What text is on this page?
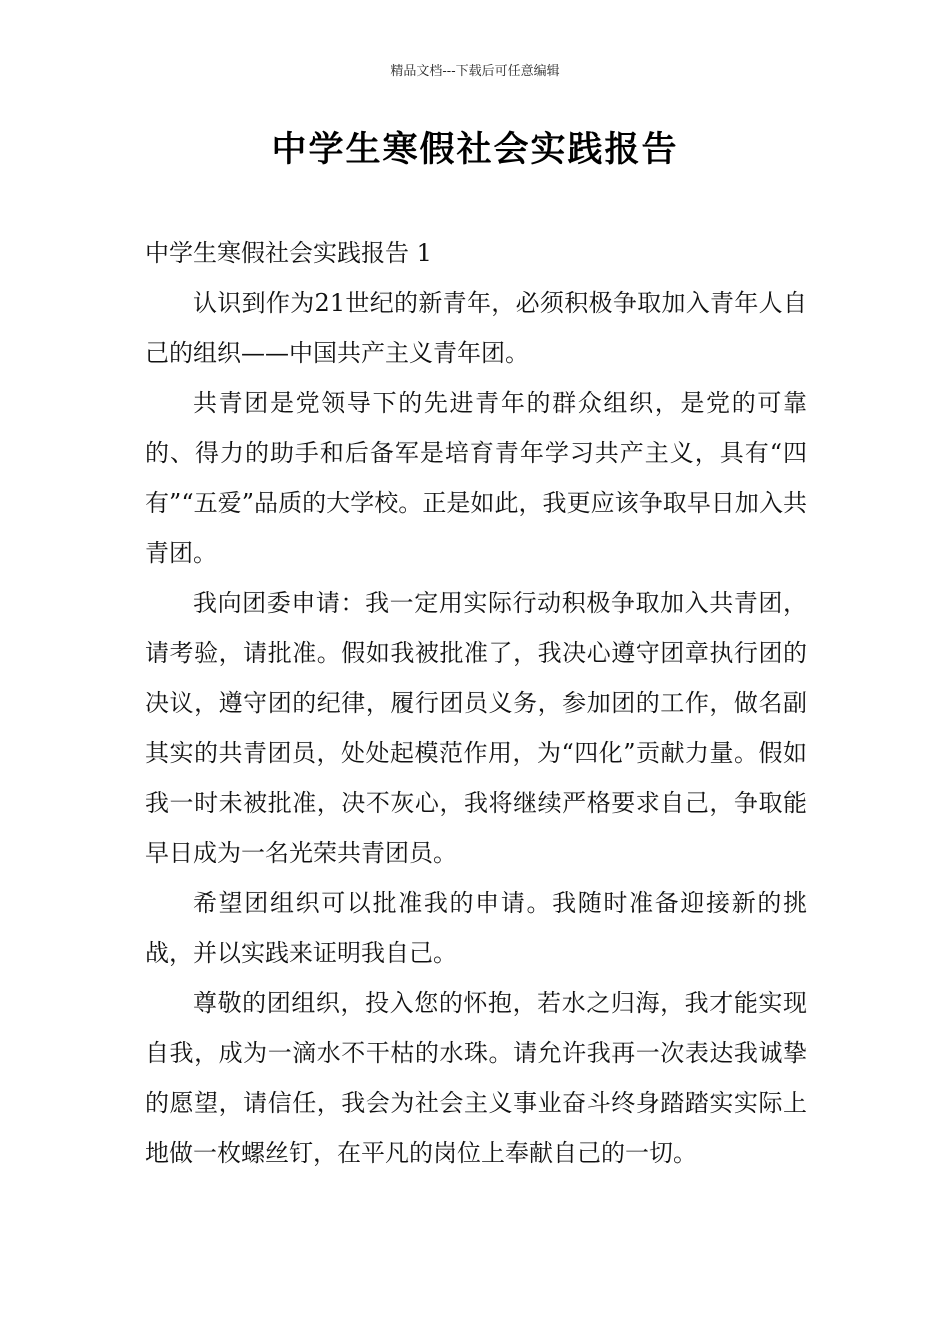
精品文档---下载后可任意编辑
中学生寒假社会实践报告

中学生寒假社会实践报告 1

认识到作为21世纪的新青年，必须积极争取加入青年人自己的组织——中国共产主义青年团。

共青团是党领导下的先进青年的群众组织，是党的可靠的、得力的助手和后备军是培育青年学习共产主义，具有“四有”“五爱”品质的大学校。正是如此，我更应该争取早日加入共青团。

我向团委申请：我一定用实际行动积极争取加入共青团，请考验，请批准。假如我被批准了，我决心遵守团章执行团的决议，遵守团的纪律，履行团员义务，参加团的工作，做名副其实的共青团员，处处起模范作用，为“四化”贡献力量。假如我一时未被批准，决不灰心，我将继续严格要求自己，争取能早日成为一名光荣共青团员。

希望团组织可以批准我的申请。我随时准备迎接新的挑战，并以实践来证明我自己。

尊敬的团组织，投入您的怀抱，若水之归海，我才能实现自我，成为一滴水不干枯的水珠。请允许我再一次表达我诚挚的愿望，请信任，我会为社会主义事业奋斗终身踏踏实实际上地做一枚螺丝钉，在平凡的岗位上奉献自己的一切。
